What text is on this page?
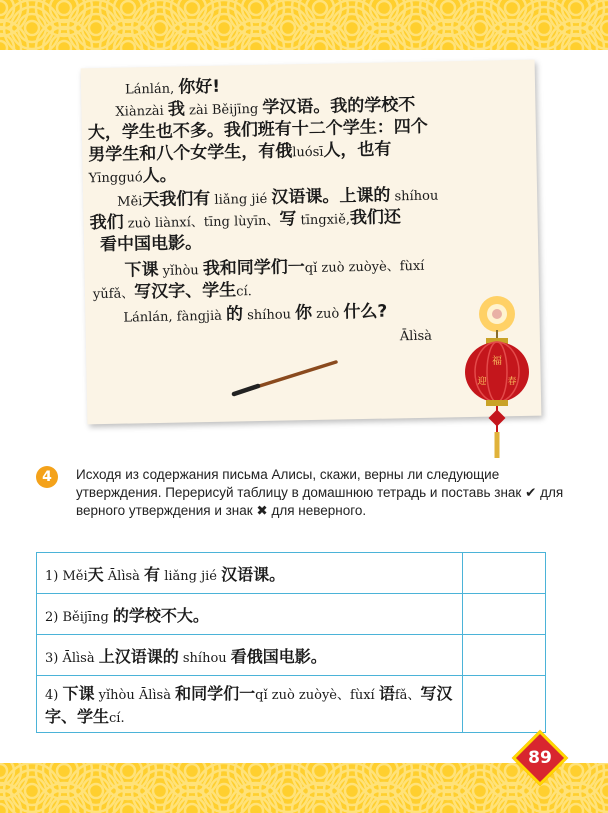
Lánlán, 你好!
Xiànzài 我 zài Běijīng 学汉语。我的学校不
大，学生也不多。我们班有十二个学生：四个
男学生和八个女学生，有俄luósī人，也有
Yīngguó人。
Měi天我们有 liǎng jié 汉语课。上课的 shíhou
我们 zuò liànxí、tīng lùyīn、写 tīngxiě,我们还
看中国电影。
下课 yǐhòu 我和同学们一qǐ zuò zuòyè、fùxí
yǔfǎ、写汉字、学生cí.
Lánlán, fàngjià 的 shíhou 你 zuò 什么?
Ālìsà
福
迎 春
4	Исходя из содержания письма Алисы, скажи, верны ли следующие утверждения. Перерисуй таблицу в домашнюю тетрадь и поставь знак ✔ для верного утверждения и знак ✖ для неверного.
1) Měi天 Ālìsà 有 liǎng jié 汉语课。	
2) Běijīng 的学校不大。	
3) Ālìsà 上汉语课的 shíhou 看俄国电影。	
4) 下课 yǐhòu Ālìsà 和同学们一qǐ zuò zuòyè、fùxí 语fǎ、写汉字、学生cí.	
89
